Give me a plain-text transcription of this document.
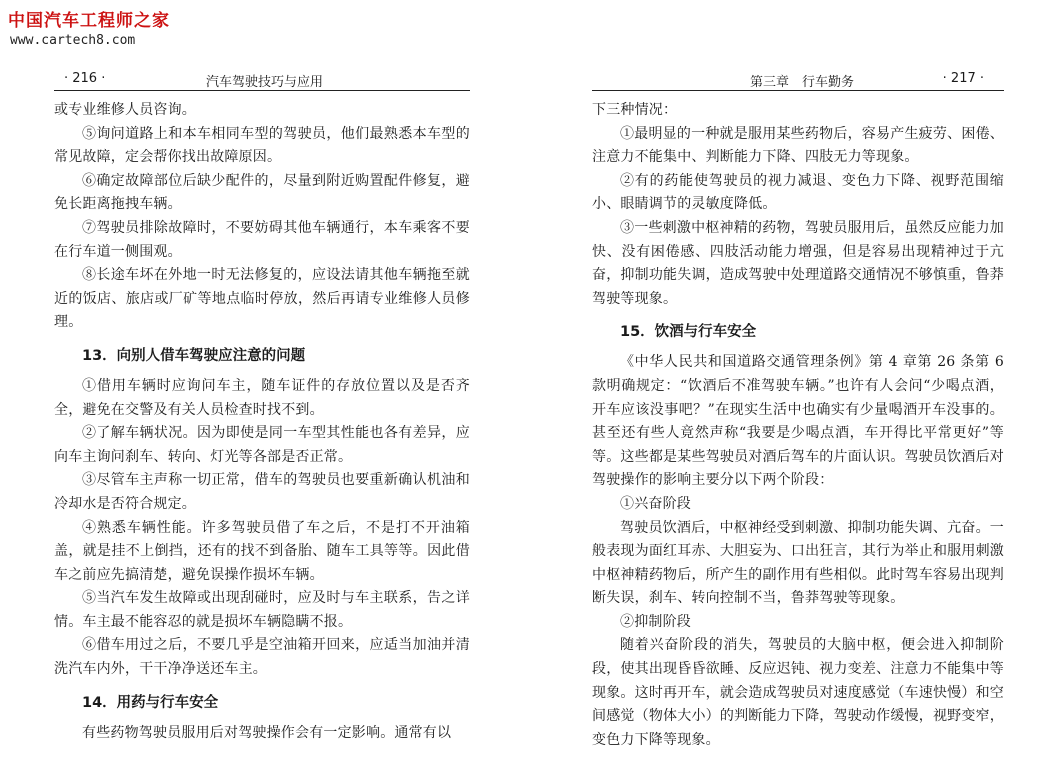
中国汽车工程师之家
www.cartech8.com
· 216 ·	汽车驾驶技巧与应用

或专业维修人员咨询。

⑤询问道路上和本车相同车型的驾驶员，他们最熟悉本车型的常见故障，定会帮你找出故障原因。

⑥确定故障部位后缺少配件的，尽量到附近购置配件修复，避免长距离拖拽车辆。

⑦驾驶员排除故障时，不要妨碍其他车辆通行，本车乘客不要在行车道一侧围观。

⑧长途车坏在外地一时无法修复的，应设法请其他车辆拖至就近的饭店、旅店或厂矿等地点临时停放，然后再请专业维修人员修理。

13．向别人借车驾驶应注意的问题

①借用车辆时应询问车主，随车证件的存放位置以及是否齐全，避免在交警及有关人员检查时找不到。

②了解车辆状况。因为即使是同一车型其性能也各有差异，应向车主询问刹车、转向、灯光等各部是否正常。

③尽管车主声称一切正常，借车的驾驶员也要重新确认机油和冷却水是否符合规定。

④熟悉车辆性能。许多驾驶员借了车之后，不是打不开油箱盖，就是挂不上倒挡，还有的找不到备胎、随车工具等等。因此借车之前应先搞清楚，避免误操作损坏车辆。

⑤当汽车发生故障或出现刮碰时，应及时与车主联系，告之详情。车主最不能容忍的就是损坏车辆隐瞒不报。

⑥借车用过之后，不要几乎是空油箱开回来，应适当加油并清洗汽车内外，干干净净送还车主。

14．用药与行车安全

有些药物驾驶员服用后对驾驶操作会有一定影响。通常有以

第三章　行车勤务	· 217 ·

下三种情况：

①最明显的一种就是服用某些药物后，容易产生疲劳、困倦、注意力不能集中、判断能力下降、四肢无力等现象。

②有的药能使驾驶员的视力减退、变色力下降、视野范围缩小、眼睛调节的灵敏度降低。

③一些刺激中枢神精的药物，驾驶员服用后，虽然反应能力加快、没有困倦感、四肢活动能力增强，但是容易出现精神过于亢奋，抑制功能失调，造成驾驶中处理道路交通情况不够慎重，鲁莽驾驶等现象。

15．饮酒与行车安全

《中华人民共和国道路交通管理条例》第 4 章第 26 条第 6 款明确规定：“饮酒后不准驾驶车辆。”也许有人会问“少喝点酒，开车应该没事吧？”在现实生活中也确实有少量喝酒开车没事的。甚至还有些人竟然声称“我要是少喝点酒，车开得比平常更好”等等。这些都是某些驾驶员对酒后驾车的片面认识。驾驶员饮酒后对驾驶操作的影响主要分以下两个阶段：

①兴奋阶段

驾驶员饮酒后，中枢神经受到刺激、抑制功能失调、亢奋。一般表现为面红耳赤、大胆妄为、口出狂言，其行为举止和服用刺激中枢神精药物后，所产生的副作用有些相似。此时驾车容易出现判断失误，刹车、转向控制不当，鲁莽驾驶等现象。

②抑制阶段

随着兴奋阶段的消失，驾驶员的大脑中枢，便会进入抑制阶段，使其出现昏昏欲睡、反应迟钝、视力变差、注意力不能集中等现象。这时再开车，就会造成驾驶员对速度感觉（车速快慢）和空间感觉（物体大小）的判断能力下降，驾驶动作缓慢，视野变窄，变色力下降等现象。
